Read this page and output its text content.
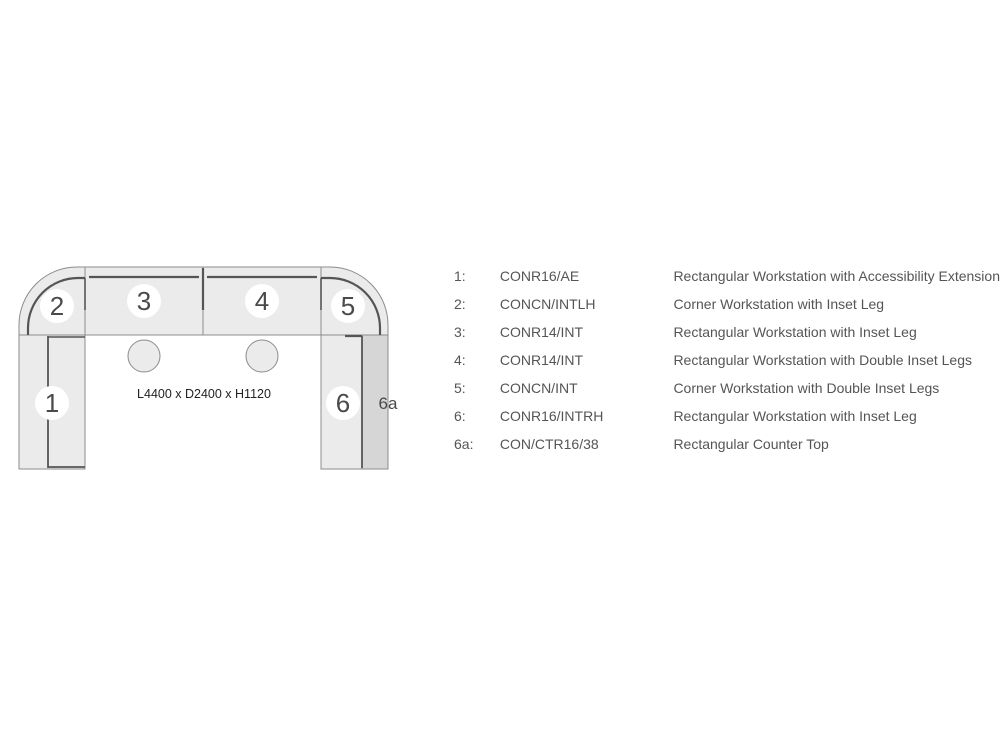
1
2	3	4	5
6 6a
L4400 x D2400 x H1120
1:	CONR16/AE	Rectangular Workstation with Accessibility Extension
2:	CONCN/INTLH	Corner Workstation with Inset Leg
3:	CONR14/INT	Rectangular Workstation with Inset Leg
4:	CONR14/INT	Rectangular Workstation with Double Inset Legs
5:	CONCN/INT	Corner Workstation with Double Inset Legs
6:	CONR16/INTRH	Rectangular Workstation with Inset Leg
6a:	CON/CTR16/38	Rectangular Counter Top
